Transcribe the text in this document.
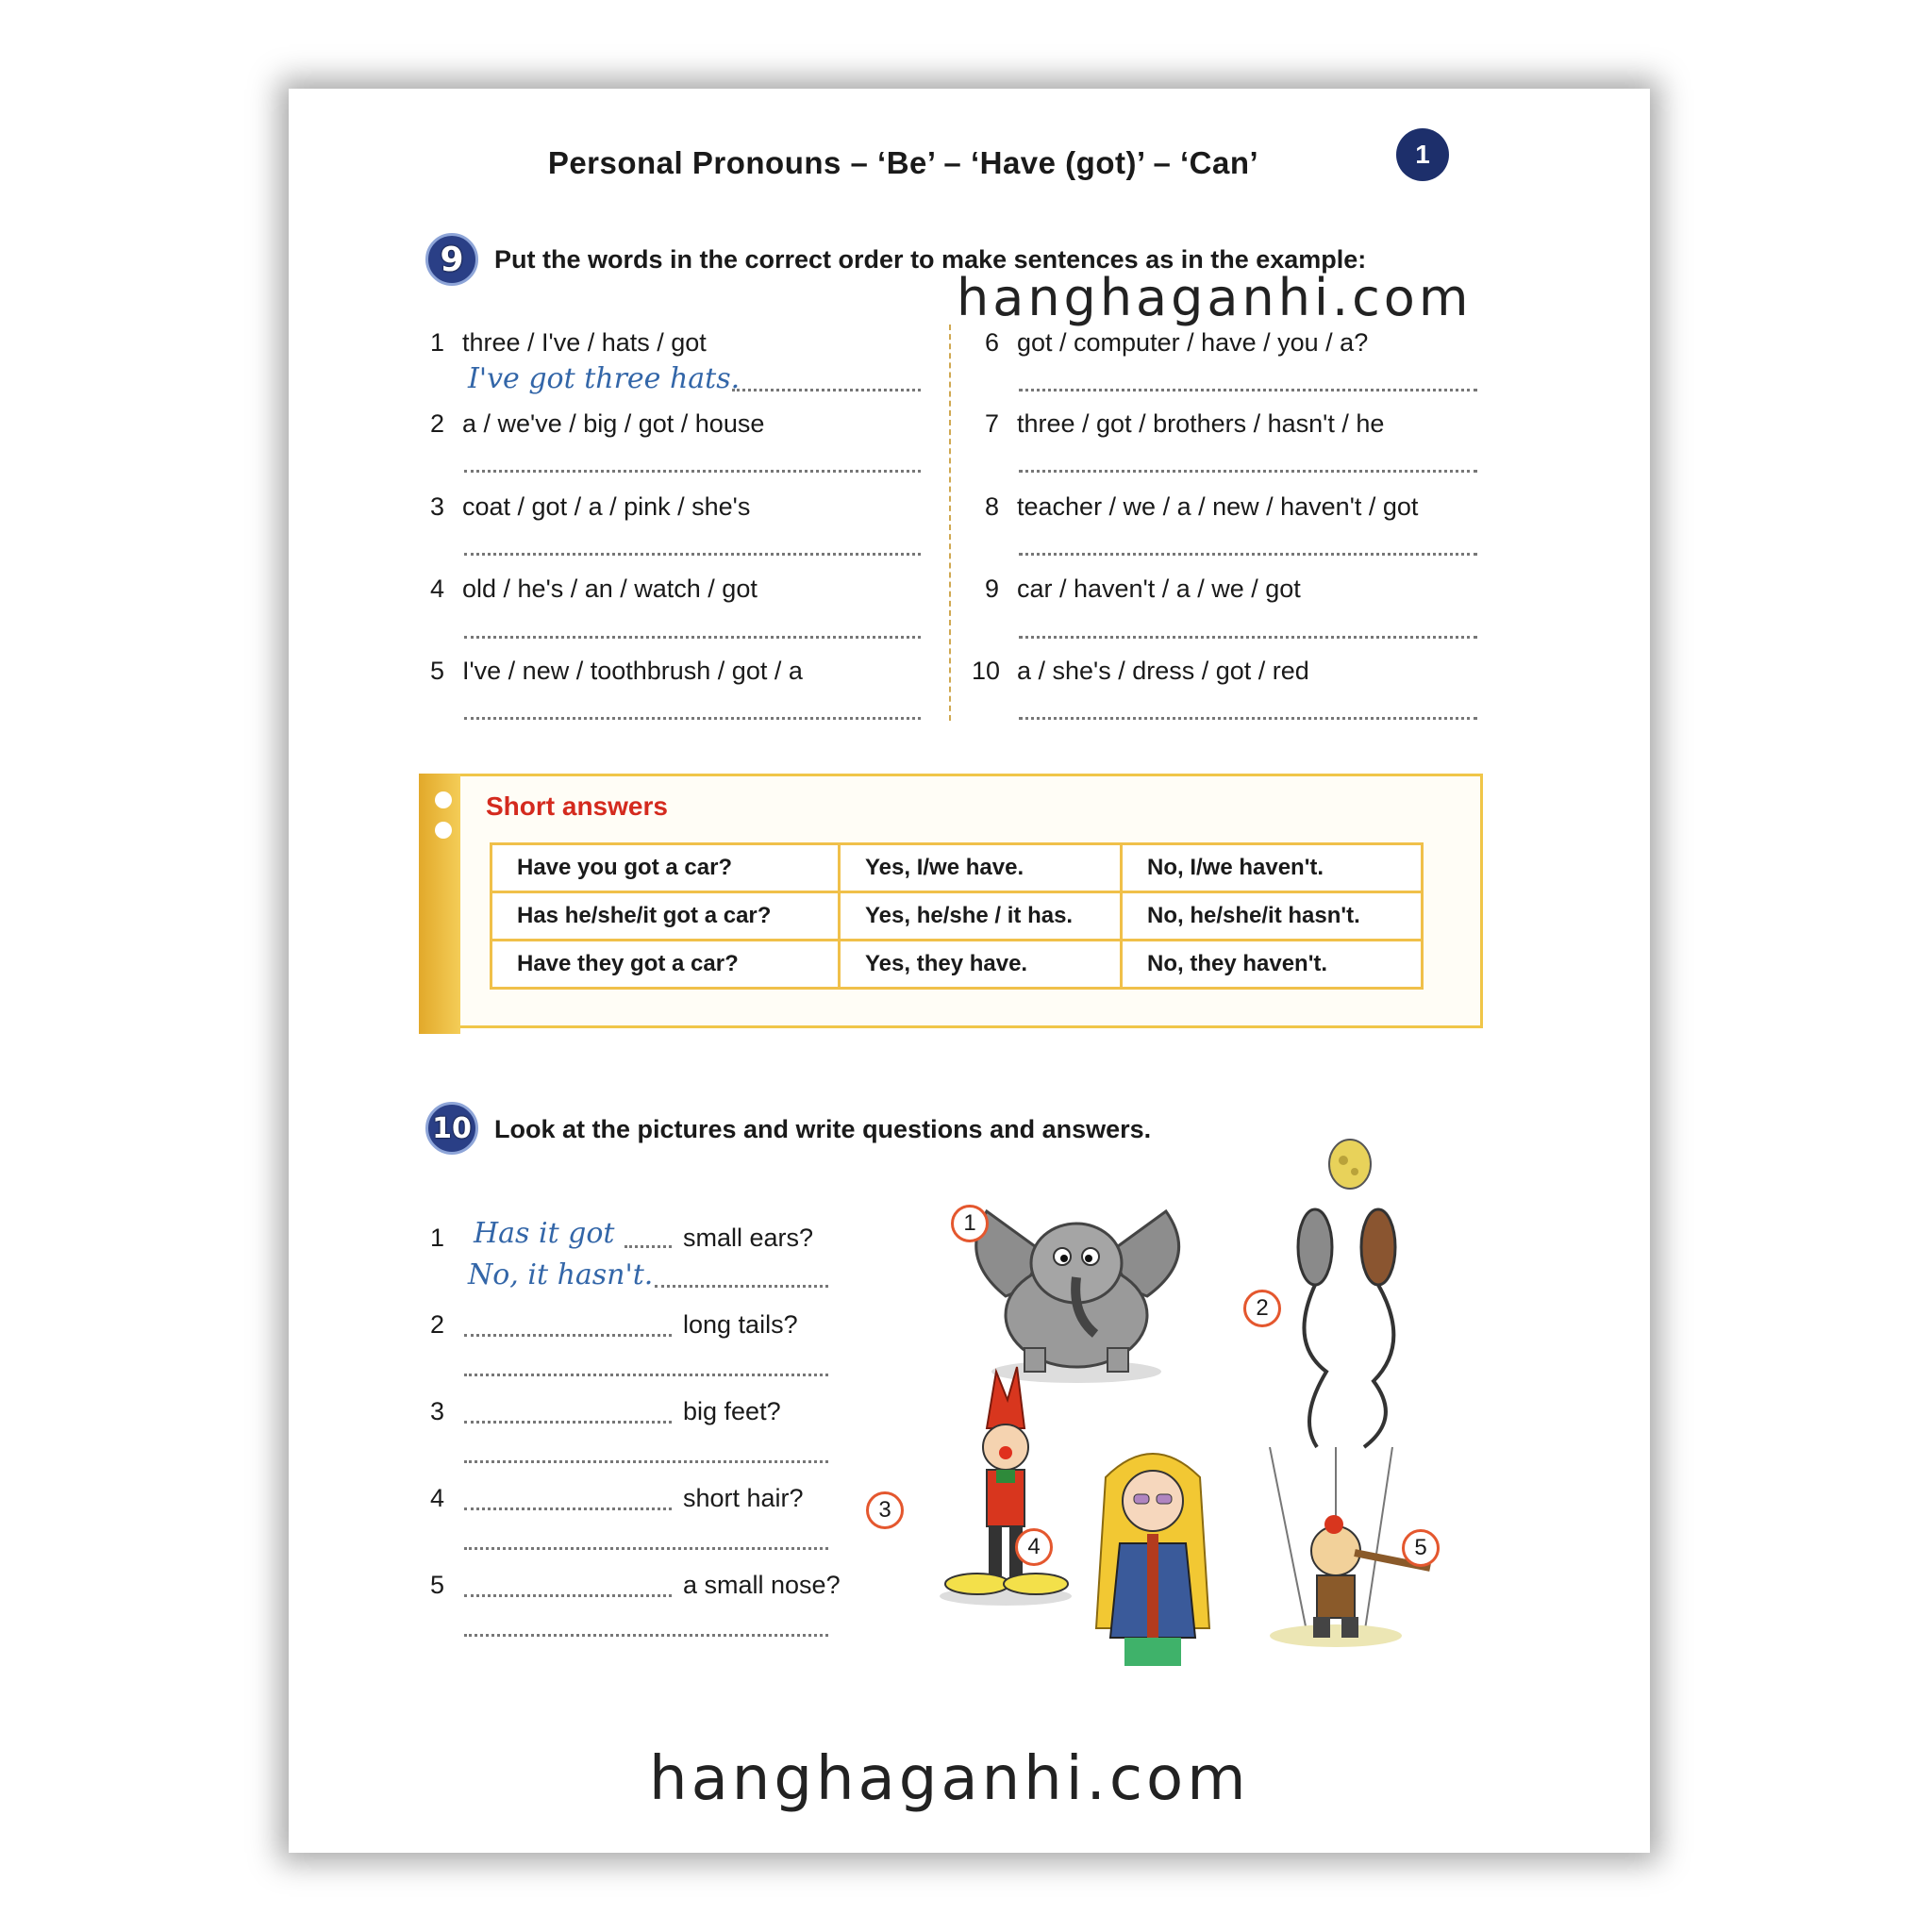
Personal Pronouns – ‘Be’ – ‘Have (got)’ – ‘Can’	1
9 Put the words in the correct order to make sentences as in the example:
1 three / I've / hats / got
I've got three hats.
2 a / we've / big / got / house
3 coat / got / a / pink / she's
4 old / he's / an / watch / got
5 I've / new / toothbrush / got / a
6 got / computer / have / you / a?
7 three / got / brothers / hasn't / he
8 teacher / we / a / new / haven't / got
9 car / haven't / a / we / got
10 a / she's / dress / got / red
hanghaganhi.com
Short answers
Have you got a car?	Yes, I/we have.	No, I/we haven't.
Has he/she/it got a car?	Yes, he/she / it has.	No, he/she/it hasn't.
Have they got a car?	Yes, they have.	No, they haven't.
10 Look at the pictures and write questions and answers.
1	Has it got	small ears?
No, it hasn't.
2	long tails?
3	big feet?
4	short hair?
5	a small nose?
1
2
3
4	5
hanghaganhi.com
